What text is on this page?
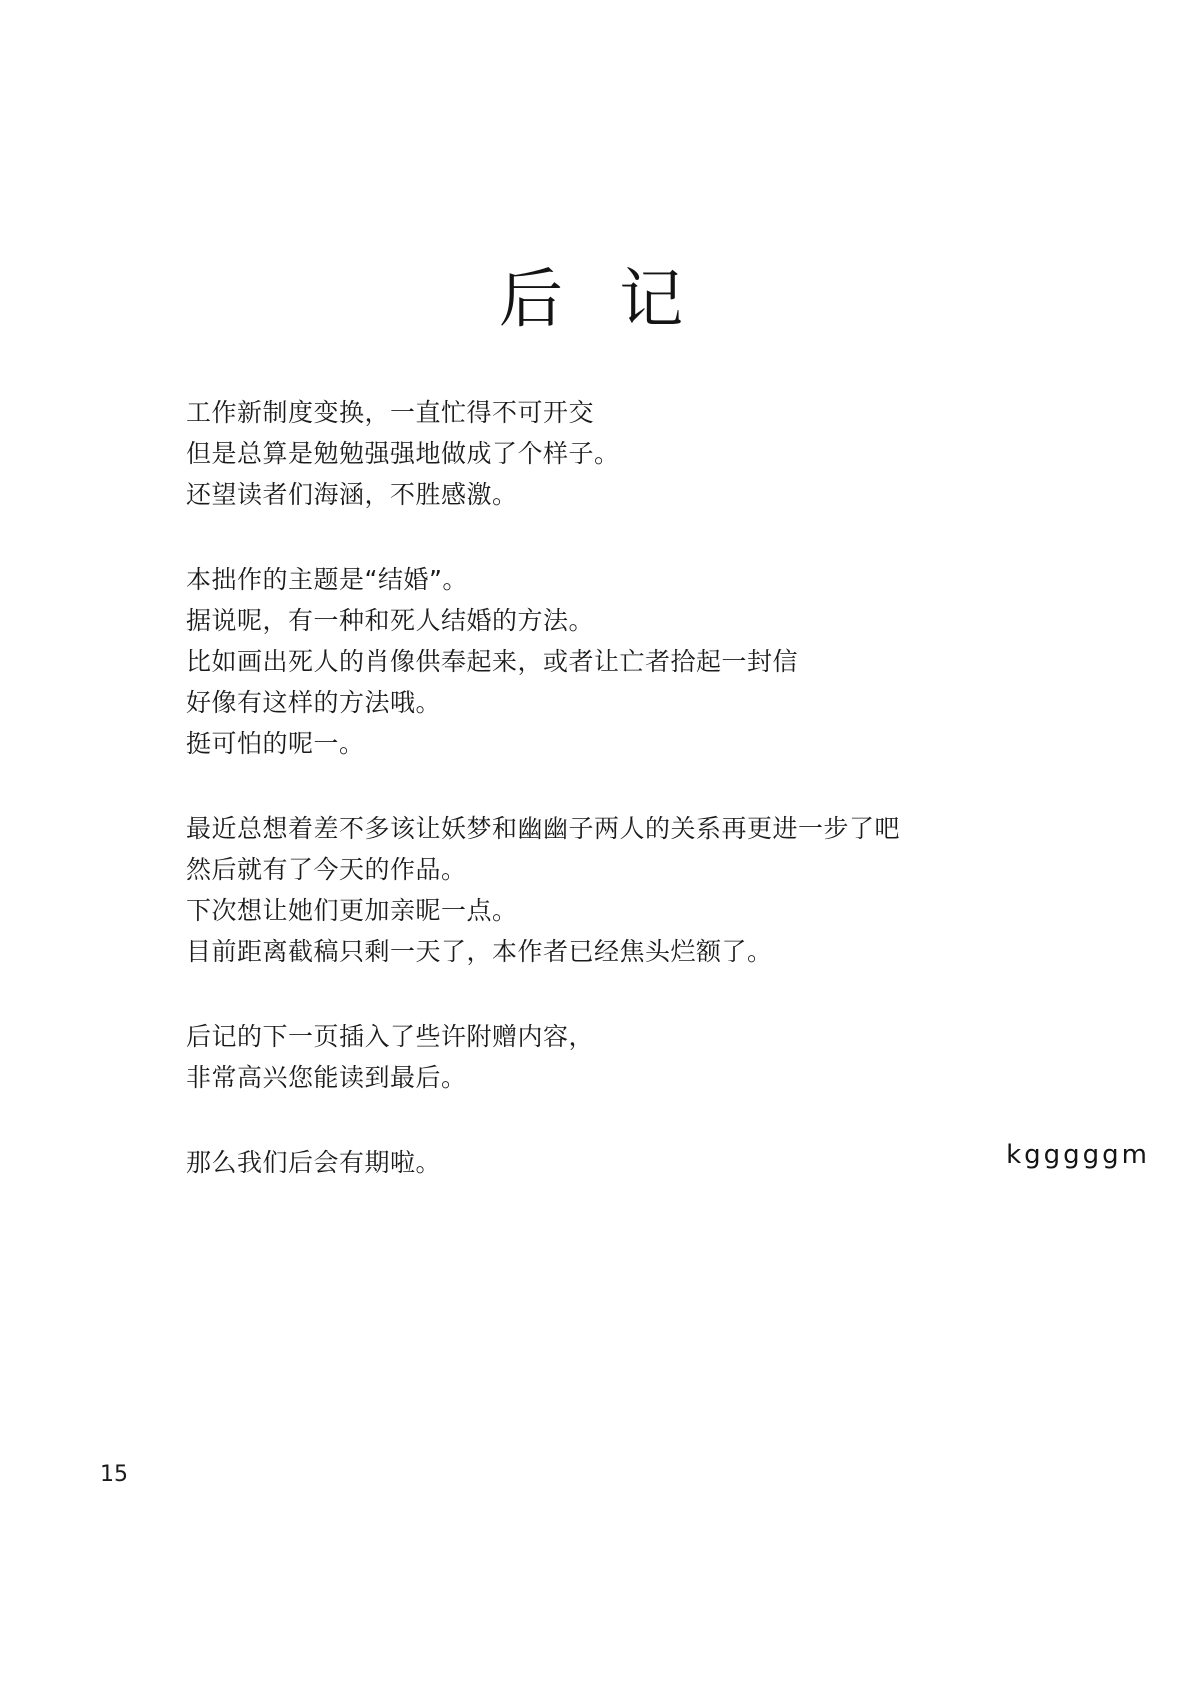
后 记
工作新制度变换，一直忙得不可开交
但是总算是勉勉强强地做成了个样子。
还望读者们海涵，不胜感激。
本拙作的主题是“结婚”。
据说呢，有一种和死人结婚的方法。
比如画出死人的肖像供奉起来，或者让亡者拾起一封信
好像有这样的方法哦。
挺可怕的呢一。
最近总想着差不多该让妖梦和幽幽子两人的关系再更进一步了吧
然后就有了今天的作品。
下次想让她们更加亲昵一点。
目前距离截稿只剩一天了，本作者已经焦头烂额了。
后记的下一页插入了些许附赠内容，
非常高兴您能读到最后。
那么我们后会有期啦。	kgggggm
15
